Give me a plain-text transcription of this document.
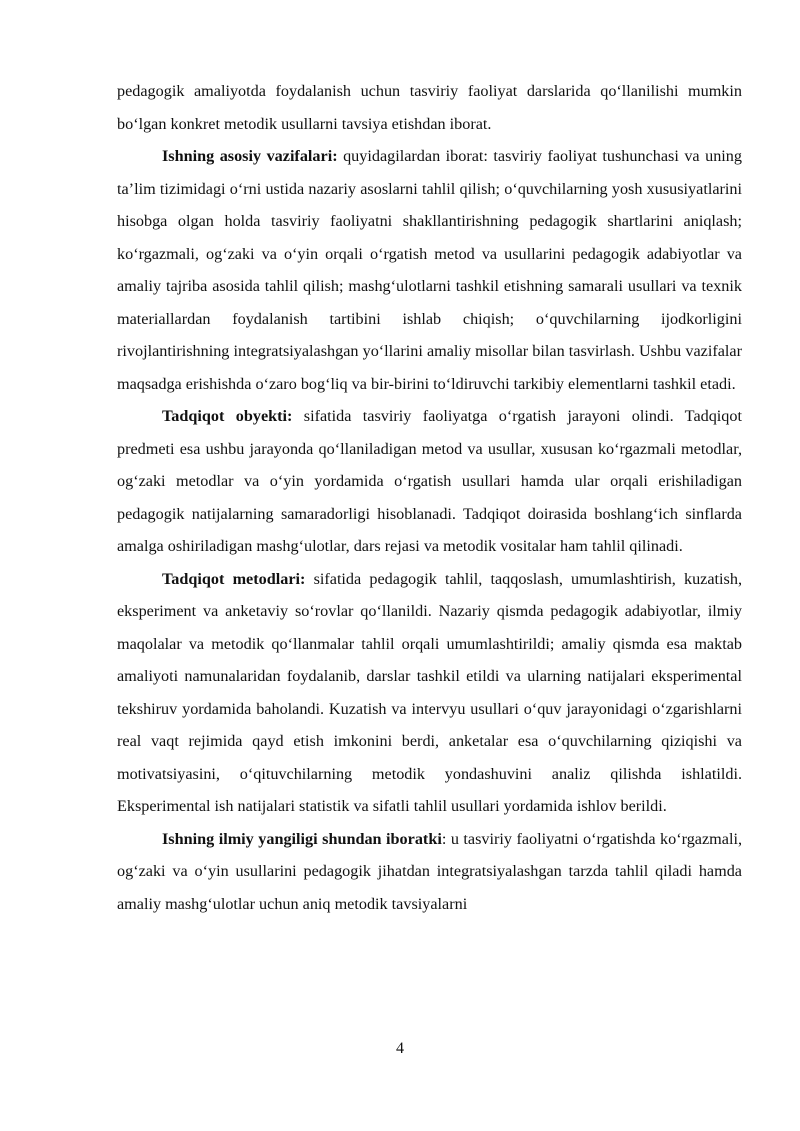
pedagogik amaliyotda foydalanish uchun tasviriy faoliyat darslarida qo‘llanilishi mumkin bo‘lgan konkret metodik usullarni tavsiya etishdan iborat.

Ishning asosiy vazifalari: quyidagilardan iborat: tasviriy faoliyat tushunchasi va uning ta’lim tizimidagi o‘rni ustida nazariy asoslarni tahlil qilish; o‘quvchilarning yosh xususiyatlarini hisobga olgan holda tasviriy faoliyatni shakllantirishning pedagogik shartlarini aniqlash; ko‘rgazmali, og‘zaki va o‘yin orqali o‘rgatish metod va usullarini pedagogik adabiyotlar va amaliy tajriba asosida tahlil qilish; mashg‘ulotlarni tashkil etishning samarali usullari va texnik materiallardan foydalanish tartibini ishlab chiqish; o‘quvchilarning ijodkorligini rivojlantirishning integratsiyalashgan yo‘llarini amaliy misollar bilan tasvirlash. Ushbu vazifalar maqsadga erishishda o‘zaro bog‘liq va bir-birini to‘ldiruvchi tarkibiy elementlarni tashkil etadi.

Tadqiqot obyekti: sifatida tasviriy faoliyatga o‘rgatish jarayoni olindi. Tadqiqot predmeti esa ushbu jarayonda qo‘llaniladigan metod va usullar, xususan ko‘rgazmali metodlar, og‘zaki metodlar va o‘yin yordamida o‘rgatish usullari hamda ular orqali erishiladigan pedagogik natijalarning samaradorligi hisoblanadi. Tadqiqot doirasida boshlang‘ich sinflarda amalga oshiriladigan mashg‘ulotlar, dars rejasi va metodik vositalar ham tahlil qilinadi.

Tadqiqot metodlari: sifatida pedagogik tahlil, taqqoslash, umumlashtirish, kuzatish, eksperiment va anketaviy so‘rovlar qo‘llanildi. Nazariy qismda pedagogik adabiyotlar, ilmiy maqolalar va metodik qo‘llanmalar tahlil orqali umumlashtirildi; amaliy qismda esa maktab amaliyoti namunalaridan foydalanib, darslar tashkil etildi va ularning natijalari eksperimental tekshiruv yordamida baholandi. Kuzatish va intervyu usullari o‘quv jarayonidagi o‘zgarishlarni real vaqt rejimida qayd etish imkonini berdi, anketalar esa o‘quvchilarning qiziqishi va motivatsiyasini, o‘qituvchilarning metodik yondashuvini analiz qilishda ishlatildi. Eksperimental ish natijalari statistik va sifatli tahlil usullari yordamida ishlov berildi.

Ishning ilmiy yangiligi shundan iboratki: u tasviriy faoliyatni o‘rgatishda ko‘rgazmali, og‘zaki va o‘yin usullarini pedagogik jihatdan integratsiyalashgan tarzda tahlil qiladi hamda amaliy mashg‘ulotlar uchun aniq metodik tavsiyalarni

4
